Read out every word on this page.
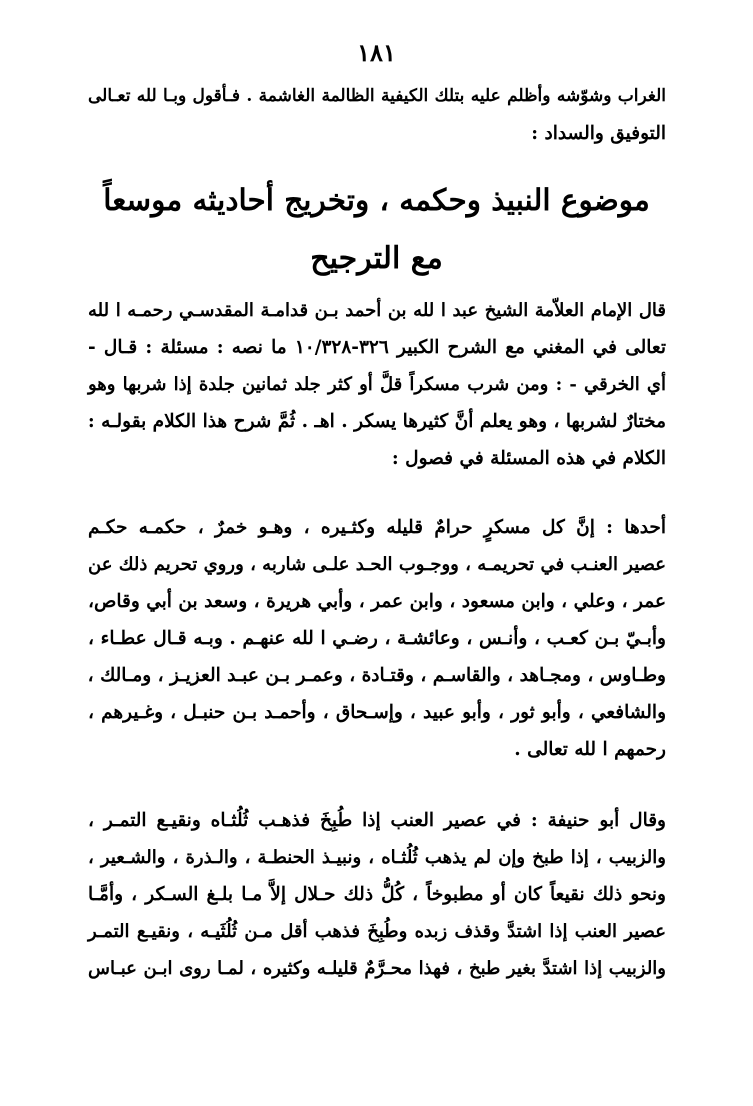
١٨١
الغراب وشوّشه وأظلم عليه بتلك الكيفية الظالمة الغاشمة . فـأقول وبـا لله تعـالى
التوفيق والسداد :
موضوع النبيذ وحكمه ، وتخريج أحاديثه موسعاً
مع الترجيح
قال الإمام العلاّمة الشيخ عبد ا لله بن أحمد بـن قدامـة المقدسـي رحمـه ا لله
تعالى في المغني مع الشرح الكبير ٣٢٦-١٠/٣٢٨ ما نصه : مسئلة : قـال -
أي الخرقي - : ومن شرب مسكراً قلَّ أو كثر جلد ثمانين جلدة إذا شربها وهو
مختارٌ لشربها ، وهو يعلم أنَّ كثيرها يسكر . اهـ . ثُمَّ شرح هذا الكلام بقولـه :
الكلام في هذه المسئلة في فصول :
أحدها : إنَّ كل مسكرٍ حرامٌ قليله وكثـيره ، وهـو خمرٌ ، حكمـه حكـم
عصير العنـب في تحريمـه ، ووجـوب الحـد علـى شاربه ، وروي تحريم ذلك عن
عمر ، وعلي ، وابن مسعود ، وابن عمر ، وأبي هريرة ، وسعد بن أبي وقاص،
وأبـيّ بـن كعـب ، وأنـس ، وعائشـة ، رضـي ا لله عنهـم . وبـه قـال عطـاء ،
وطـاوس ، ومجـاهد ، والقاسـم ، وقتـادة ، وعمـر بـن عبـد العزيـز ، ومـالك ،
والشافعي ، وأبو ثور ، وأبو عبيد ، وإسـحاق ، وأحمـد بـن حنبـل ، وغـيرهم ،
رحمهم ا لله تعالى .
وقال أبو حنيفة : في عصير العنب إذا طُبِخَ فذهـب ثُلُثـاه ونقيـع التمـر ،
والزبيب ، إذا طبخ وإن لم يذهب ثُلُثـاه ، ونبيـذ الحنطـة ، والـذرة ، والشـعير ،
ونحو ذلك نقيعاً كان أو مطبوخاً ، كُلُّ ذلك حـلال إلاَّ مـا بلـغ السـكر ، وأمَّـا
عصير العنب إذا اشتدَّ وقذف زبده وطُبِخَ فذهب أقل مـن ثُلُثَيـه ، ونقيـع التمـر
والزبيب إذا اشتدَّ بغير طبخ ، فهذا محـرَّمٌ قليلـه وكثيره ، لمـا روى ابـن عبـاس
